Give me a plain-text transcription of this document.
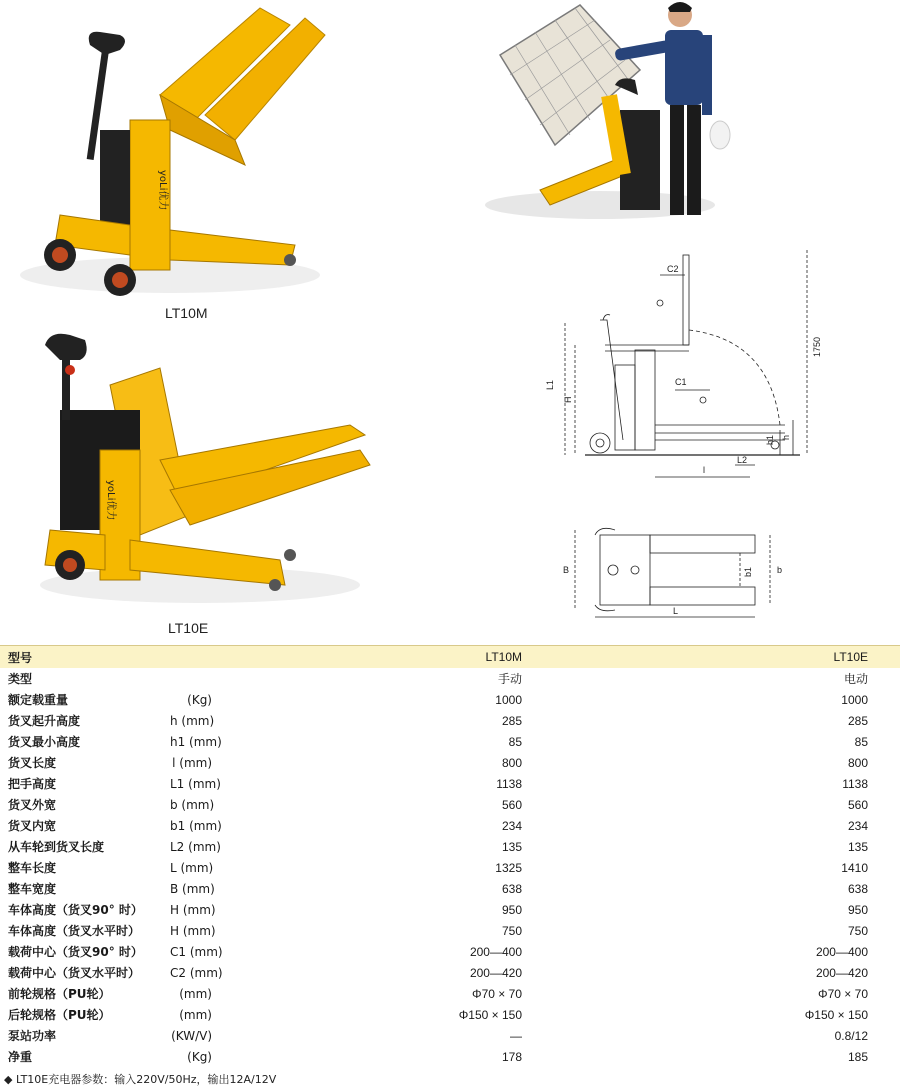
yoLi优力
LT10M
yoLi优力
LT10E
C2
C1
L1
H
1750
h1 h
L2
l
B	b1	b
L
型号		LT10M	LT10E
类型		手动	电动
额定载重量	(Kg)	1000	1000
货叉起升高度	h (mm)	285	285
货叉最小高度	h1 (mm)	85	85
货叉长度	l (mm)	800	800
把手高度	L1 (mm)	1138	1138
货叉外宽	b (mm)	560	560
货叉内宽	b1 (mm)	234	234
从车轮到货叉长度	L2 (mm)	135	135
整车长度	L (mm)	1325	1410
整车宽度	B (mm)	638	638
车体高度（货叉90° 时）	H (mm)	950	950
车体高度（货叉水平时）	H (mm)	750	750
载荷中心（货叉90° 时）	C1 (mm)	200—400	200—400
载荷中心（货叉水平时）	C2 (mm)	200—420	200—420
前轮规格（PU轮）	(mm)	Φ70 × 70	Φ70 × 70
后轮规格（PU轮）	(mm)	Φ150 × 150	Φ150 × 150
泵站功率	(KW/V)	—	0.8/12
净重	(Kg)	178	185
◆ LT10E充电器参数：输入220V/50Hz，输出12A/12V
